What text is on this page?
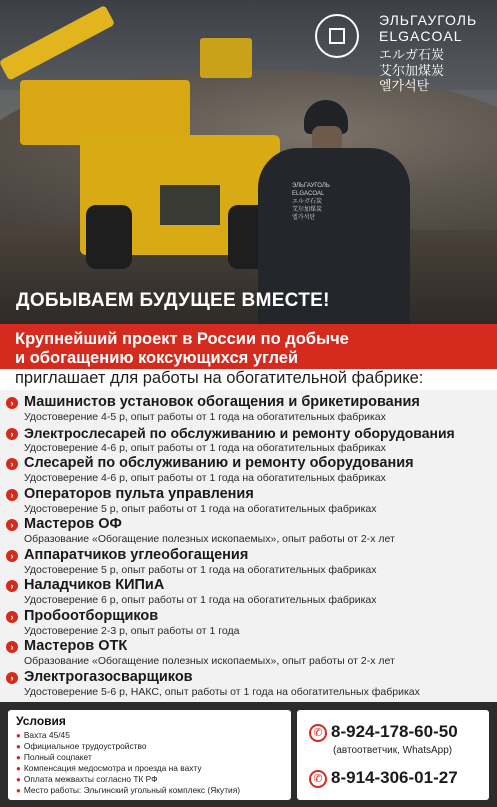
ЭЛЬГАУГОЛЬ
ELGACOAL
エルガ石炭
艾尔加煤炭
엘가석탄
ЭЛЬГАУГОЛЬ
ELGACOAL
エルガ石炭
艾尔加煤炭
엘가석탄
ДОБЫВАЕМ БУДУЩЕЕ ВМЕСТЕ!
Крупнейший проект в России по добыче
и обогащению коксующихся углей
приглашает для работы на обогатительной фабрике:
› Машинистов установок обогащения и брикетирования
Удостоверение 4-5 р, опыт работы от 1 года на обогатительных фабриках
› Электрослесарей по обслуживанию и ремонту оборудования
Удостоверение 4-6 р, опыт работы от 1 года на обогатительных фабриках
› Слесарей по обслуживанию и ремонту оборудования
Удостоверение 4-6 р, опыт работы от 1 года на обогатительных фабриках
› Операторов пульта управления
Удостоверение 5 р, опыт работы от 1 года на обогатительных фабриках
› Мастеров ОФ
Образование «Обогащение полезных ископаемых», опыт работы от 2-х лет
› Аппаратчиков углеобогащения
Удостоверение 5 р, опыт работы от 1 года на обогатительных фабриках
› Наладчиков КИПиА
Удостоверение 6 р, опыт работы от 1 года на обогатительных фабриках
› Пробоотборщиков
Удостоверение 2-3 р, опыт работы от 1 года
› Мастеров ОТК
Образование «Обогащение полезных ископаемых», опыт работы от 2-х лет
› Электрогазосварщиков
Удостоверение 5-6 р, НАКС, опыт работы от 1 года на обогатительных фабриках
Условия
● Вахта 45/45
● Официальное трудоустройство
● Полный соцпакет
● Компенсация медосмотра и проезда на вахту
● Оплата межвахты согласно ТК РФ
● Место работы: Эльгинский угольный комплекс (Якутия)
✆ 8-924-178-60-50
(автоответчик, WhatsApp)
✆ 8-914-306-01-27
